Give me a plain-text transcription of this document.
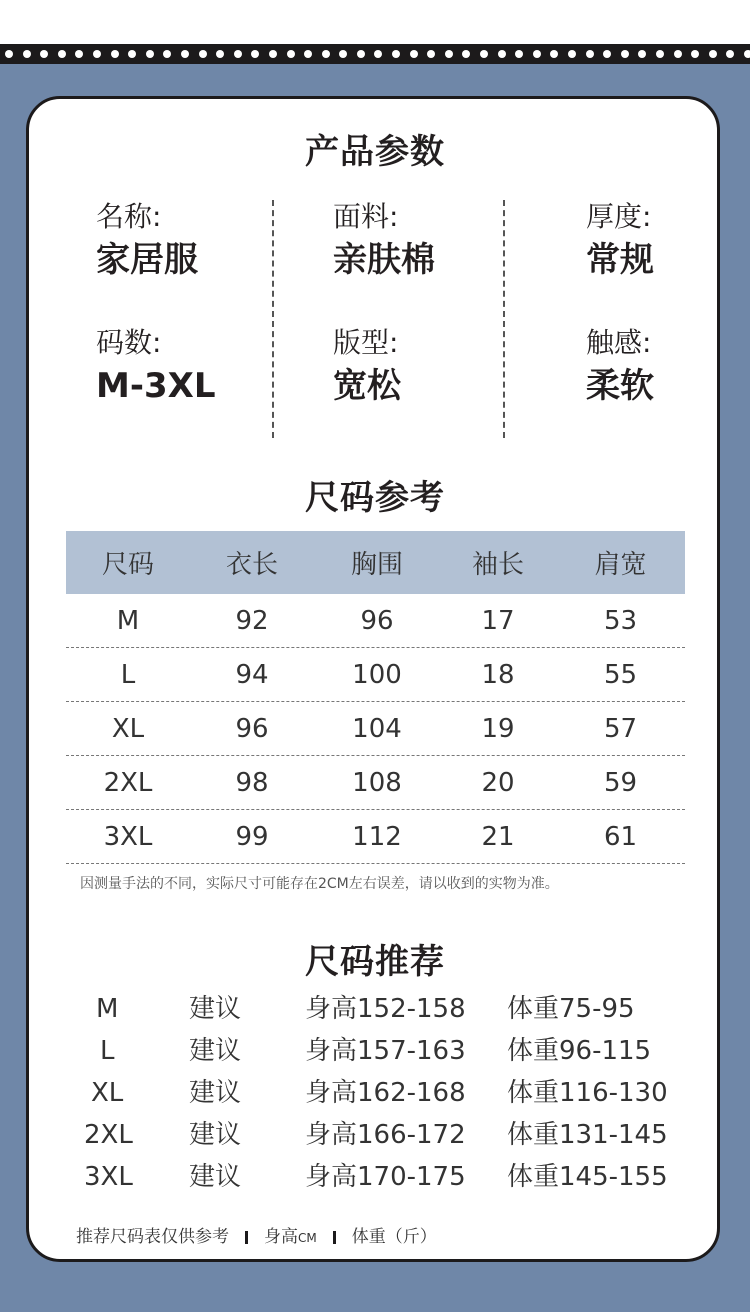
产品参数
名称:
家居服
面料:
亲肤棉
厚度:
常规
码数:
M-3XL
版型:
宽松
触感:
柔软
尺码参考
尺码	衣长	胸围	袖长	肩宽
M	92	96	17	53
L	94	100	18	55
XL	96	104	19	57
2XL	98	108	20	59
3XL	99	112	21	61
因测量手法的不同，实际尺寸可能存在2CM左右误差，请以收到的实物为准。
尺码推荐
M	建议 身高152-158 体重75-95
L	建议 身高157-163 体重96-115
XL	建议 身高162-168 体重116-130
2XL 建议 身高166-172 体重131-145
3XL 建议 身高170-175 体重145-155
推荐尺码表仅供参考 身高CM 体重（斤）
